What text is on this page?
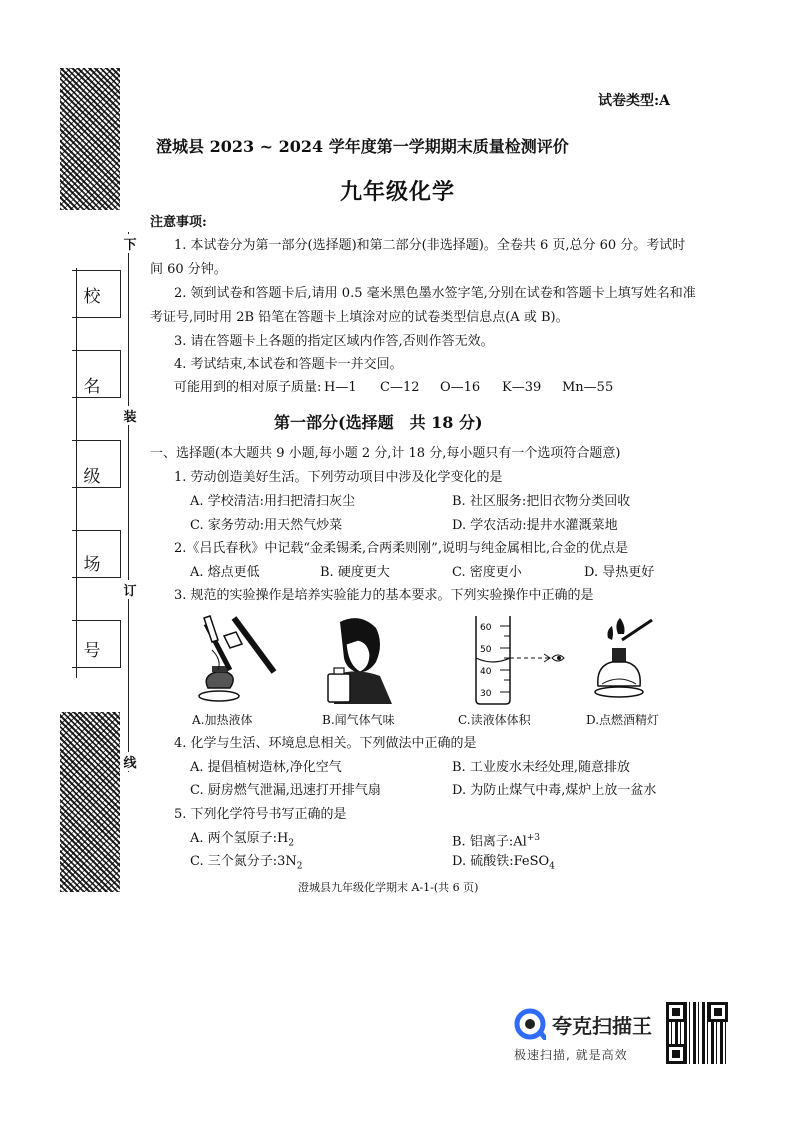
下
装
订
线
校
名
级
场
号
试卷类型:A
澄城县 2023 ~ 2024 学年度第一学期期末质量检测评价
九年级化学
注意事项:
1. 本试卷分为第一部分(选择题)和第二部分(非选择题)。全卷共 6 页,总分 60 分。考试时
间 60 分钟。
2. 领到试卷和答题卡后,请用 0.5 毫米黑色墨水签字笔,分别在试卷和答题卡上填写姓名和准
考证号,同时用 2B 铅笔在答题卡上填涂对应的试卷类型信息点(A 或 B)。
3. 请在答题卡上各题的指定区域内作答,否则作答无效。
4. 考试结束,本试卷和答题卡一并交回。
可能用到的相对原子质量: H—1 C—12 O—16 K—39 Mn—55
第一部分(选择题　共 18 分)
一、选择题(本大题共 9 小题,每小题 2 分,计 18 分,每小题只有一个选项符合题意)
1. 劳动创造美好生活。下列劳动项目中涉及化学变化的是
A. 学校清洁:用扫把清扫灰尘	B. 社区服务:把旧衣物分类回收
C. 家务劳动:用天然气炒菜	D. 学农活动:提井水灌溉菜地
2.《吕氏春秋》中记载“金柔锡柔,合两柔则刚”,说明与纯金属相比,合金的优点是
A. 熔点更低	B. 硬度更大	C. 密度更小	D. 导热更好
3. 规范的实验操作是培养实验能力的基本要求。下列实验操作中正确的是
A.加热液体	B.闻气体气味
60
50
40
30
C.读液体体积	D.点燃酒精灯
4. 化学与生活、环境息息相关。下列做法中正确的是
A. 提倡植树造林,净化空气	B. 工业废水未经处理,随意排放
C. 厨房燃气泄漏,迅速打开排气扇	D. 为防止煤气中毒,煤炉上放一盆水
5. 下列化学符号书写正确的是
A. 两个氢原子$:H_2$	B. 铝离子$:Al^{+3}$
C. 三个氮分子$:3N_2$	D. 硫酸铁:FeSO$_4$
澄城县九年级化学期末 A-1-(共 6 页)
夸克扫描王
极速扫描, 就是高效
